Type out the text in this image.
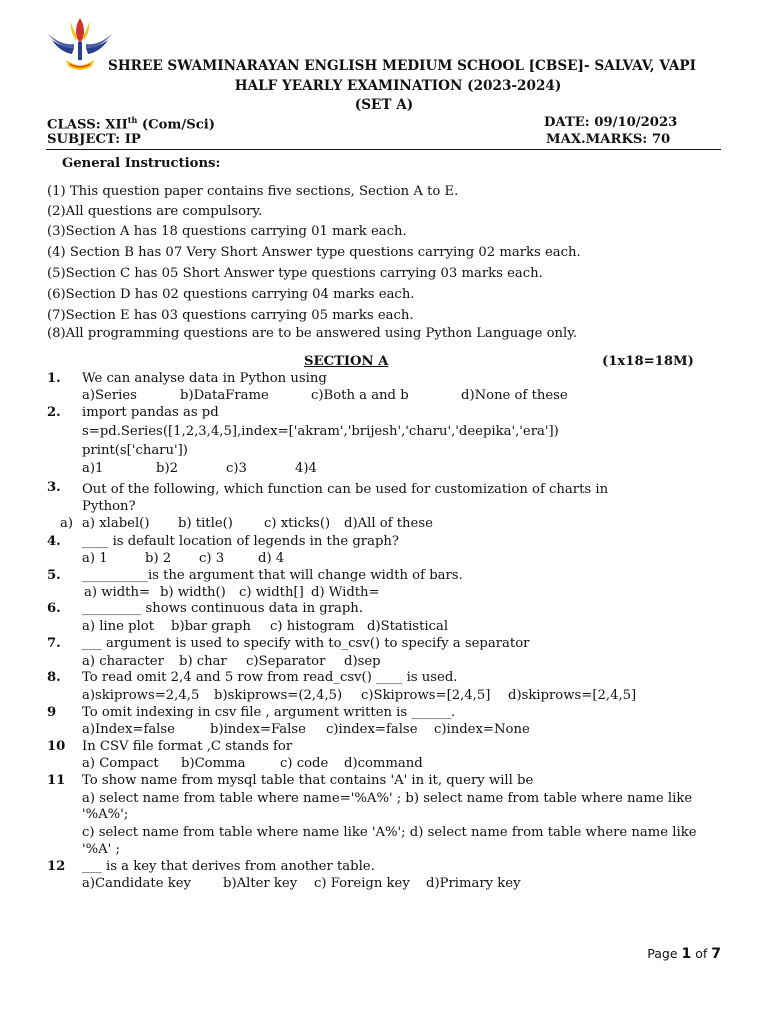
SHREE SWAMINARAYAN ENGLISH MEDIUM SCHOOL [CBSE]- SALVAV, VAPI
HALF YEARLY EXAMINATION (2023-2024)
(SET A)
CLASS: XIIth (Com/Sci)
SUBJECT: IP
DATE: 09/10/2023
MAX.MARKS: 70
General Instructions:
(1) This question paper contains five sections, Section A to E.
(2)All questions are compulsory.
(3)Section A has 18 questions carrying 01 mark each.
(4) Section B has 07 Very Short Answer type questions carrying 02 marks each.
(5)Section C has 05 Short Answer type questions carrying 03 marks each.
(6)Section D has 02 questions carrying 04 marks each.
(7)Section E has 03 questions carrying 05 marks each.
(8)All programming questions are to be answered using Python Language only.
SECTION A	(1x18=18M)
1. We can analyse data in Python using
a)Series	b)DataFrame	c)Both a and b	d)None of these
2. import pandas as pd
s=pd.Series([1,2,3,4,5],index=['akram','brijesh','charu','deepika','era'])
print(s['charu'])
a)1	b)2	c)3	4)4
3. Out of the following, which function can be used for customization of charts in
Python?
a) a) xlabel() b) title() c) xticks() d)All of these
4. ____ is default location of legends in the graph?
a) 1	b) 2 c) 3	d) 4
5. __________is the argument that will change width of bars.
a) width= b) width() c) width[] d) Width=
6. _________ shows continuous data in graph.
a) line plot b)bar graph c) histogram d)Statistical
7. ___ argument is used to specify with to_csv() to specify a separator
a) character b) char c)Separator d)sep
8. To read omit 2,4 and 5 row from read_csv() ____ is used.
a)skiprows=2,4,5 b)skiprows=(2,4,5) c)Skiprows=[2,4,5] d)skiprows=[2,4,5]
9 To omit indexing in csv file , argument written is ______.
a)Index=false	b)index=False c)index=false c)index=None
10 In CSV file format ,C stands for
a) Compact b)Comma	c) code d)command
11 To show name from mysql table that contains 'A' in it, query will be
a) select name from table where name='%A%' ; b) select name from table where name like
'%A%';
c) select name from table where name like 'A%'; d) select name from table where name like
'%A' ;
12 ___ is a key that derives from another table.
a)Candidate key b)Alter key c) Foreign key d)Primary key
Page 1 of 7
